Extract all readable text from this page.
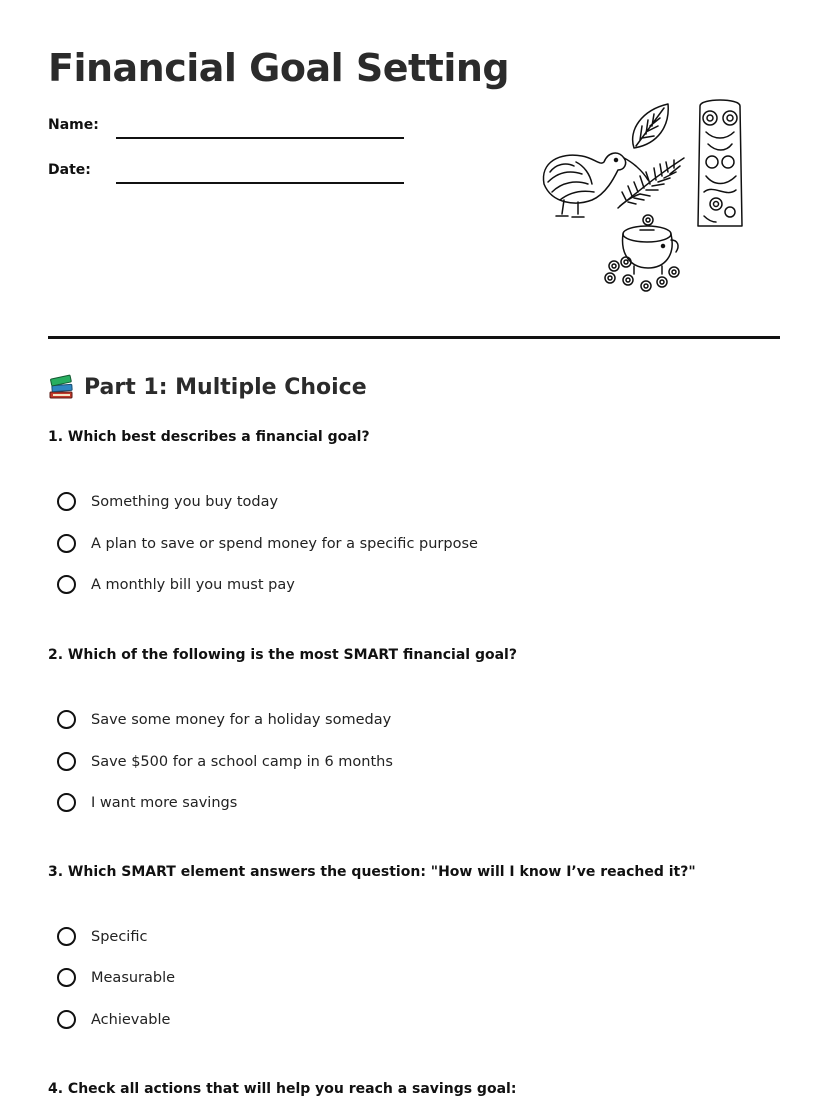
Financial Goal Setting
Name:
Date:
Part 1: Multiple Choice

1. Which best describes a financial goal?

Something you buy today
A plan to save or spend money for a specific purpose
A monthly bill you must pay

2. Which of the following is the most SMART financial goal?

Save some money for a holiday someday
Save $500 for a school camp in 6 months
I want more savings

3. Which SMART element answers the question: "How will I know I’ve reached it?"

Specific
Measurable
Achievable

4. Check all actions that will help you reach a savings goal:
